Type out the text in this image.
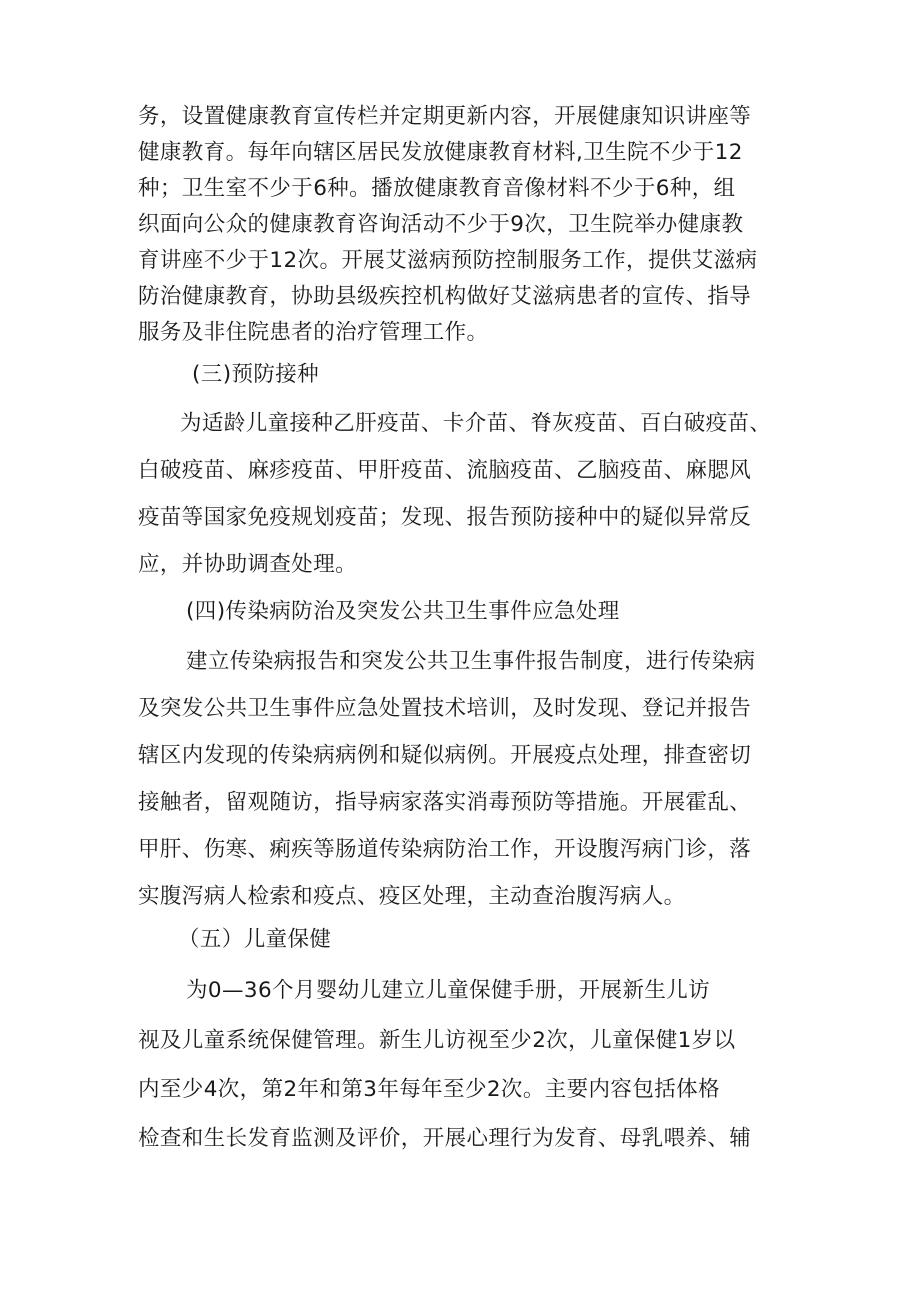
务，设置健康教育宣传栏并定期更新内容，开展健康知识讲座等
健康教育。每年向辖区居民发放健康教育材料,卫生院不少于12
种；卫生室不少于6种。播放健康教育音像材料不少于6种，组
织面向公众的健康教育咨询活动不少于9次，卫生院举办健康教
育讲座不少于12次。开展艾滋病预防控制服务工作，提供艾滋病
防治健康教育，协助县级疾控机构做好艾滋病患者的宣传、指导
服务及非住院患者的治疗管理工作。
(三)预防接种
为适龄儿童接种乙肝疫苗、卡介苗、脊灰疫苗、百白破疫苗、
白破疫苗、麻疹疫苗、甲肝疫苗、流脑疫苗、乙脑疫苗、麻腮风
疫苗等国家免疫规划疫苗；发现、报告预防接种中的疑似异常反
应，并协助调查处理。
(四)传染病防治及突发公共卫生事件应急处理
建立传染病报告和突发公共卫生事件报告制度，进行传染病
及突发公共卫生事件应急处置技术培训，及时发现、登记并报告
辖区内发现的传染病病例和疑似病例。开展疫点处理，排查密切
接触者，留观随访，指导病家落实消毒预防等措施。开展霍乱、
甲肝、伤寒、痢疾等肠道传染病防治工作，开设腹泻病门诊，落
实腹泻病人检索和疫点、疫区处理，主动查治腹泻病人。
（五）儿童保健
为0—36个月婴幼儿建立儿童保健手册，开展新生儿访
视及儿童系统保健管理。新生儿访视至少2次，儿童保健1岁以
内至少4次，第2年和第3年每年至少2次。主要内容包括体格
检查和生长发育监测及评价，开展心理行为发育、母乳喂养、辅
